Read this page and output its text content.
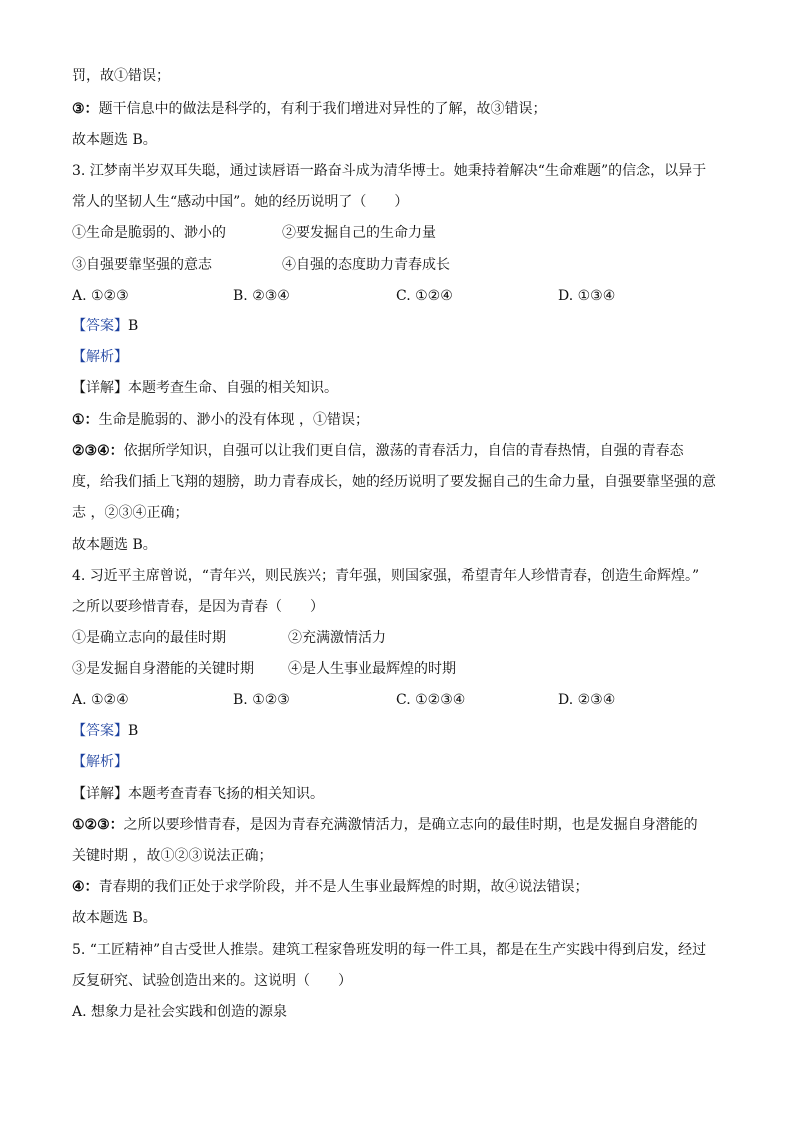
罚，故①错误；
③：题干信息中的做法是科学的，有利于我们增进对异性的了解，故③错误；
故本题选 B。
3. 江梦南半岁双耳失聪，通过读唇语一路奋斗成为清华博士。她秉持着解决“生命难题”的信念，以异于
常人的坚韧人生“感动中国”。她的经历说明了（　　）
①生命是脆弱的、渺小的	②要发掘自己的生命力量
③自强要靠坚强的意志	④自强的态度助力青春成长
A. ①②③	B. ②③④	C. ①②④	D. ①③④
【答案】B
【解析】
【详解】本题考查生命、自强的相关知识。
①：生命是脆弱的、渺小的没有体现 ，①错误；
②③④：依据所学知识，自强可以让我们更自信，激荡的青春活力，自信的青春热情，自强的青春态
度，给我们插上飞翔的翅膀，助力青春成长，她的经历说明了要发掘自己的生命力量，自强要靠坚强的意
志 ，②③④正确；
故本题选 B。
4. 习近平主席曾说，“青年兴，则民族兴；青年强，则国家强，希望青年人珍惜青春，创造生命辉煌。”
之所以要珍惜青春，是因为青春（　　）
①是确立志向的最佳时期	②充满激情活力
③是发掘自身潜能的关键时期 ④是人生事业最辉煌的时期
A. ①②④	B. ①②③	C. ①②③④	D. ②③④
【答案】B
【解析】
【详解】本题考查青春飞扬的相关知识。
①②③：之所以要珍惜青春，是因为青春充满激情活力，是确立志向的最佳时期，也是发掘自身潜能的
关键时期 ，故①②③说法正确；
④：青春期的我们正处于求学阶段，并不是人生事业最辉煌的时期，故④说法错误；
故本题选 B。
5. “工匠精神”自古受世人推崇。建筑工程家鲁班发明的每一件工具，都是在生产实践中得到启发，经过
反复研究、试验创造出来的。这说明（　　）
A. 想象力是社会实践和创造的源泉
